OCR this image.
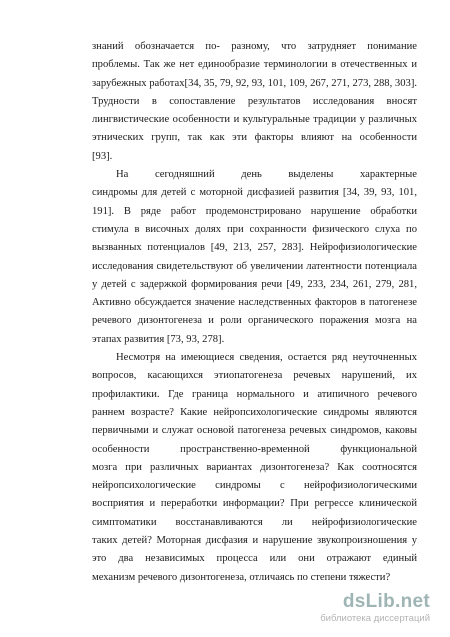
знаний обозначается по- разному, что затрудняет понимание
проблемы. Так же нет единообразие терминологии в отечественных и
зарубежных работах[34, 35, 79, 92, 93, 101, 109, 267, 271, 273, 288, 303].
Трудности в сопоставление результатов исследования вносят
лингвистические особенности и культуральные традиции у различных
этнических групп, так как эти факторы влияют на особенности
[93].
На сегодняшний день выделены характерные
синдромы для детей с моторной дисфазией развития [34, 39, 93, 101,
191]. В ряде работ продемонстрировано нарушение обработки
стимула в височных долях при сохранности физического слуха по
вызванных потенциалов [49, 213, 257, 283]. Нейрофизиологические
исследования свидетельствуют об увеличении латентности потенциала
у детей с задержкой формирования речи [49, 233, 234, 261, 279, 281,
Активно обсуждается значение наследственных факторов в патогенезе
речевого дизонтогенеза и роли органического поражения мозга на
этапах развития [73, 93, 278].
Несмотря на имеющиеся сведения, остается ряд неуточненных
вопросов, касающихся этиопатогенеза речевых нарушений, их
профилактики. Где граница нормального и атипичного речевого
раннем возрасте? Какие нейропсихологические синдромы являются
первичными и служат основой патогенеза речевых синдромов, каковы
особенности пространственно-временной функциональной
мозга при различных вариантах дизонтогенеза? Как соотносятся
нейропсихологические синдромы с нейрофизиологическими
восприятия и переработки информации? При регрессе клинической
симптоматики восстанавливаются ли нейрофизиологические
таких детей? Моторная дисфазия и нарушение звукопроизношения у
это два независимых процесса или они отражают единый
механизм речевого дизонтогенеза, отличаясь по степени тяжести?
dsLib.net
библиотека диссертаций
